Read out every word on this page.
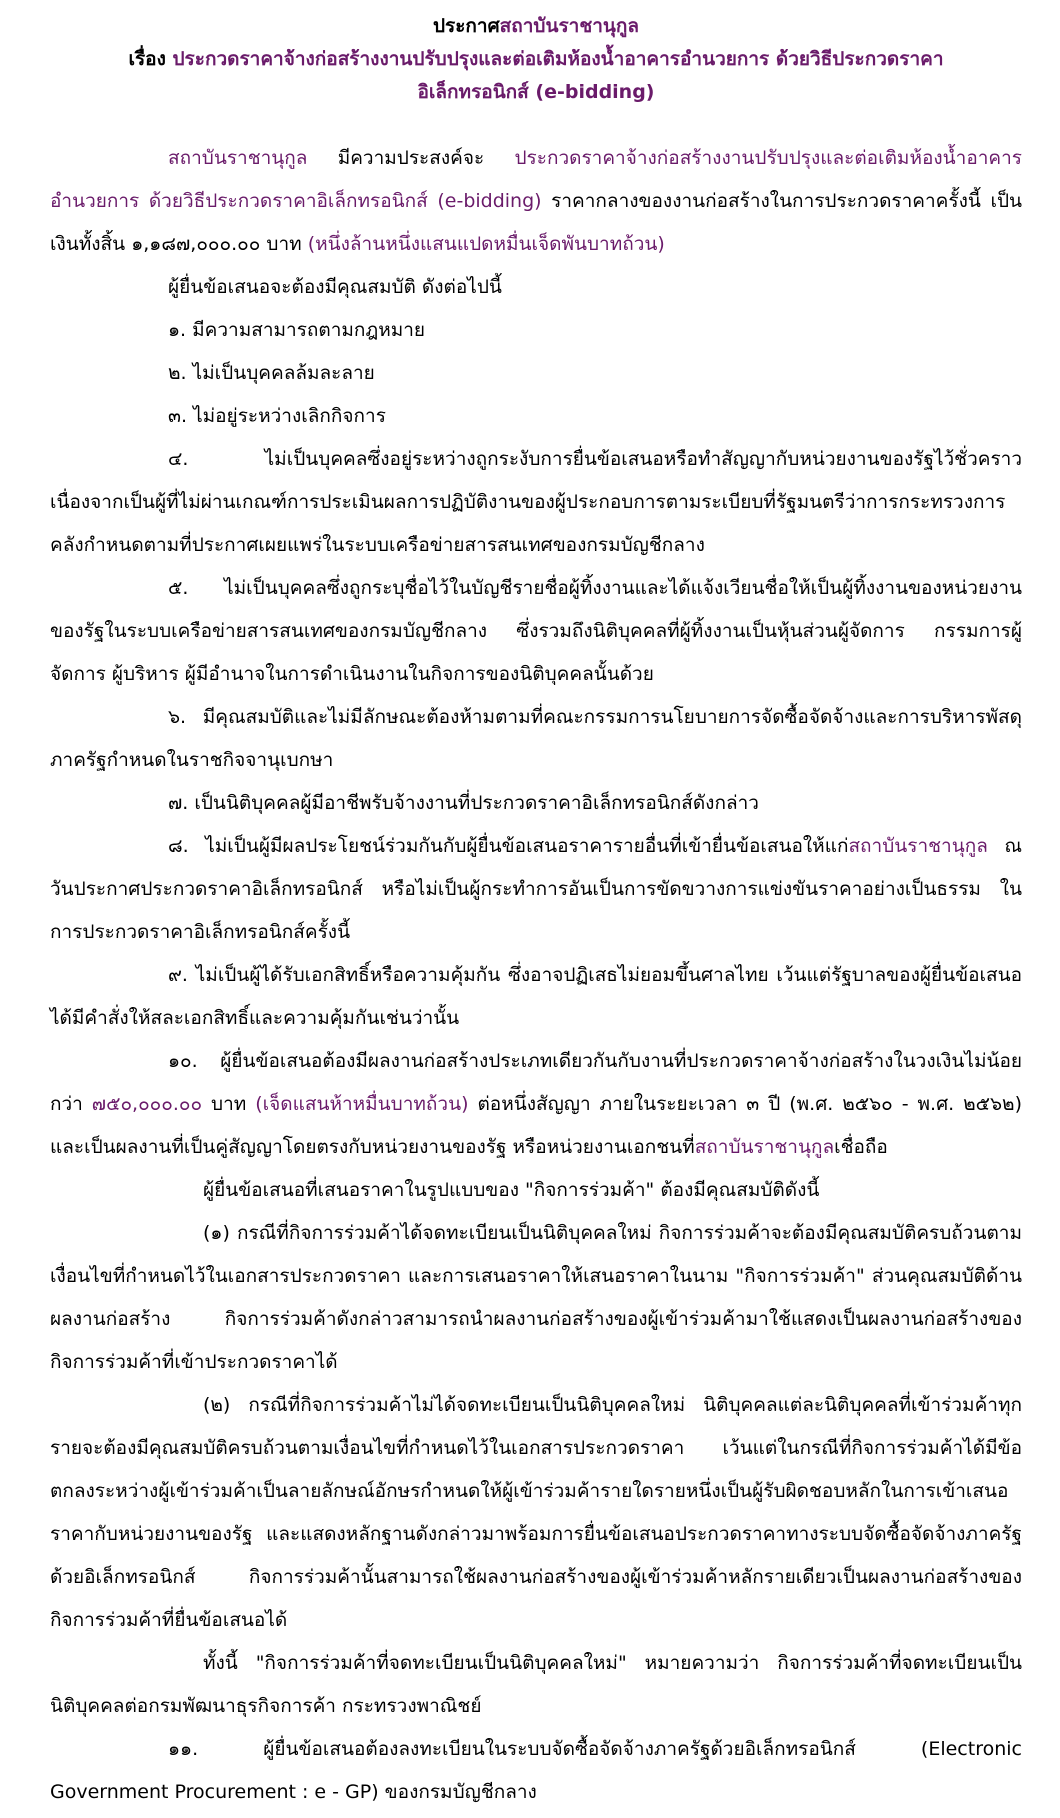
ประกาศสถาบันราชานุกูล

เรื่อง ประกวดราคาจ้างก่อสร้างงานปรับปรุงและต่อเติมห้องน้ำอาคารอำนวยการ ด้วยวิธีประกวดราคา

อิเล็กทรอนิกส์ (e-bidding)

สถาบันราชานุกูล มีความประสงค์จะ ประกวดราคาจ้างก่อสร้างงานปรับปรุงและต่อเติมห้องน้ำอาคารอำนวยการ ด้วยวิธีประกวดราคาอิเล็กทรอนิกส์ (e-bidding) ราคากลางของงานก่อสร้างในการประกวดราคาครั้งนี้ เป็นเงินทั้งสิ้น ๑,๑๘๗,๐๐๐.๐๐ บาท (หนึ่งล้านหนึ่งแสนแปดหมื่นเจ็ดพันบาทถ้วน)

ผู้ยื่นข้อเสนอจะต้องมีคุณสมบัติ ดังต่อไปนี้

๑. มีความสามารถตามกฎหมาย

๒. ไม่เป็นบุคคลล้มละลาย

๓. ไม่อยู่ระหว่างเลิกกิจการ

๔. ไม่เป็นบุคคลซึ่งอยู่ระหว่างถูกระงับการยื่นข้อเสนอหรือทำสัญญากับหน่วยงานของรัฐไว้ชั่วคราว เนื่องจากเป็นผู้ที่ไม่ผ่านเกณฑ์การประเมินผลการปฏิบัติงานของผู้ประกอบการตามระเบียบที่รัฐมนตรีว่าการกระทรวงการคลังกำหนดตามที่ประกาศเผยแพร่ในระบบเครือข่ายสารสนเทศของกรมบัญชีกลาง

๕. ไม่เป็นบุคคลซึ่งถูกระบุชื่อไว้ในบัญชีรายชื่อผู้ทิ้งงานและได้แจ้งเวียนชื่อให้เป็นผู้ทิ้งงานของหน่วยงานของรัฐในระบบเครือข่ายสารสนเทศของกรมบัญชีกลาง ซึ่งรวมถึงนิติบุคคลที่ผู้ทิ้งงานเป็นหุ้นส่วนผู้จัดการ กรรมการผู้จัดการ ผู้บริหาร ผู้มีอำนาจในการดำเนินงานในกิจการของนิติบุคคลนั้นด้วย

๖. มีคุณสมบัติและไม่มีลักษณะต้องห้ามตามที่คณะกรรมการนโยบายการจัดซื้อจัดจ้างและการบริหารพัสดุภาครัฐกำหนดในราชกิจจานุเบกษา

๗. เป็นนิติบุคคลผู้มีอาชีพรับจ้างงานที่ประกวดราคาอิเล็กทรอนิกส์ดังกล่าว

๘. ไม่เป็นผู้มีผลประโยชน์ร่วมกันกับผู้ยื่นข้อเสนอราคารายอื่นที่เข้ายื่นข้อเสนอให้แก่สถาบันราชานุกูล ณ วันประกาศประกวดราคาอิเล็กทรอนิกส์ หรือไม่เป็นผู้กระทำการอันเป็นการขัดขวางการแข่งขันราคาอย่างเป็นธรรม ในการประกวดราคาอิเล็กทรอนิกส์ครั้งนี้

๙. ไม่เป็นผู้ได้รับเอกสิทธิ์หรือความคุ้มกัน ซึ่งอาจปฏิเสธไม่ยอมขึ้นศาลไทย เว้นแต่รัฐบาลของผู้ยื่นข้อเสนอได้มีคำสั่งให้สละเอกสิทธิ์และความคุ้มกันเช่นว่านั้น

๑๐. ผู้ยื่นข้อเสนอต้องมีผลงานก่อสร้างประเภทเดียวกันกับงานที่ประกวดราคาจ้างก่อสร้างในวงเงินไม่น้อยกว่า ๗๕๐,๐๐๐.๐๐ บาท (เจ็ดแสนห้าหมื่นบาทถ้วน) ต่อหนึ่งสัญญา ภายในระยะเวลา ๓ ปี (พ.ศ. ๒๕๖๐ - พ.ศ. ๒๕๖๒) และเป็นผลงานที่เป็นคู่สัญญาโดยตรงกับหน่วยงานของรัฐ หรือหน่วยงานเอกชนที่สถาบันราชานุกูลเชื่อถือ

ผู้ยื่นข้อเสนอที่เสนอราคาในรูปแบบของ "กิจการร่วมค้า" ต้องมีคุณสมบัติดังนี้

(๑) กรณีที่กิจการร่วมค้าได้จดทะเบียนเป็นนิติบุคคลใหม่ กิจการร่วมค้าจะต้องมีคุณสมบัติครบถ้วนตามเงื่อนไขที่กำหนดไว้ในเอกสารประกวดราคา และการเสนอราคาให้เสนอราคาในนาม "กิจการร่วมค้า" ส่วนคุณสมบัติด้านผลงานก่อสร้าง กิจการร่วมค้าดังกล่าวสามารถนำผลงานก่อสร้างของผู้เข้าร่วมค้ามาใช้แสดงเป็นผลงานก่อสร้างของกิจการร่วมค้าที่เข้าประกวดราคาได้

(๒) กรณีที่กิจการร่วมค้าไม่ได้จดทะเบียนเป็นนิติบุคคลใหม่ นิติบุคคลแต่ละนิติบุคคลที่เข้าร่วมค้าทุกรายจะต้องมีคุณสมบัติครบถ้วนตามเงื่อนไขที่กำหนดไว้ในเอกสารประกวดราคา เว้นแต่ในกรณีที่กิจการร่วมค้าได้มีข้อตกลงระหว่างผู้เข้าร่วมค้าเป็นลายลักษณ์อักษรกำหนดให้ผู้เข้าร่วมค้ารายใดรายหนึ่งเป็นผู้รับผิดชอบหลักในการเข้าเสนอราคากับหน่วยงานของรัฐ และแสดงหลักฐานดังกล่าวมาพร้อมการยื่นข้อเสนอประกวดราคาทางระบบจัดซื้อจัดจ้างภาครัฐด้วยอิเล็กทรอนิกส์ กิจการร่วมค้านั้นสามารถใช้ผลงานก่อสร้างของผู้เข้าร่วมค้าหลักรายเดียวเป็นผลงานก่อสร้างของกิจการร่วมค้าที่ยื่นข้อเสนอได้

ทั้งนี้ "กิจการร่วมค้าที่จดทะเบียนเป็นนิติบุคคลใหม่" หมายความว่า กิจการร่วมค้าที่จดทะเบียนเป็นนิติบุคคลต่อกรมพัฒนาธุรกิจการค้า กระทรวงพาณิชย์

๑๑. ผู้ยื่นข้อเสนอต้องลงทะเบียนในระบบจัดซื้อจัดจ้างภาครัฐด้วยอิเล็กทรอนิกส์ (Electronic Government Procurement : e - GP) ของกรมบัญชีกลาง
